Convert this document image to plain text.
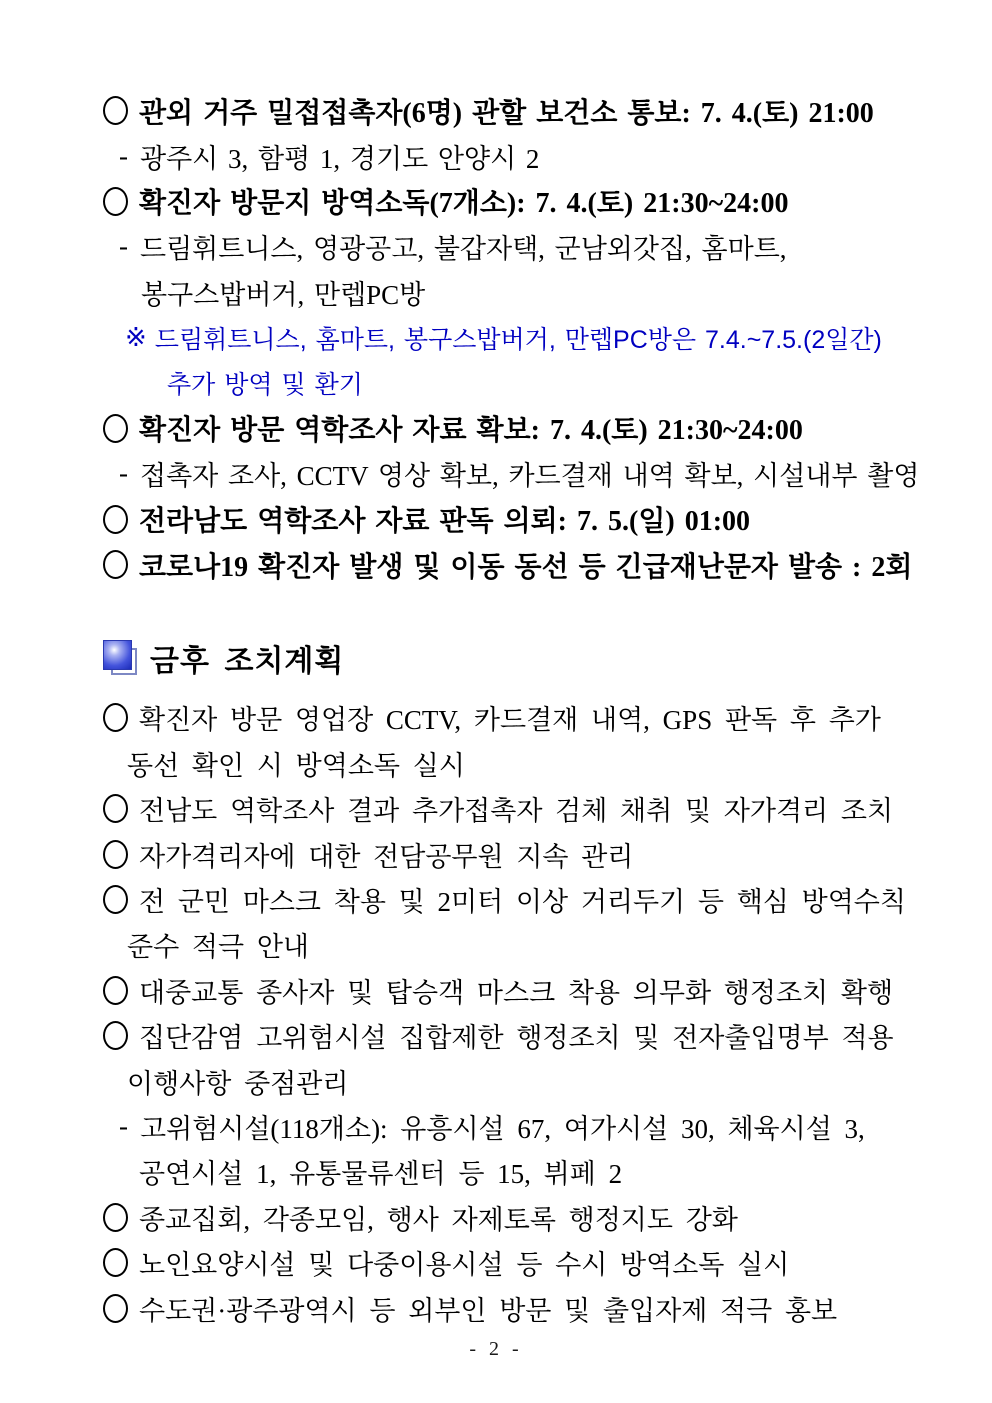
관외 거주 밀접접촉자(6명) 관할 보건소 통보: 7. 4.(토) 21:00
- 광주시 3, 함평 1, 경기도 안양시 2
확진자 방문지 방역소독(7개소): 7. 4.(토) 21:30~24:00
- 드림휘트니스, 영광공고, 불갑자택, 군남외갓집, 홈마트,
봉구스밥버거, 만렙PC방
※ 드림휘트니스, 홈마트, 봉구스밥버거, 만렙PC방은 7.4.~7.5.(2일간)
추가 방역 및 환기
확진자 방문 역학조사 자료 확보: 7. 4.(토) 21:30~24:00
- 접촉자 조사, CCTV 영상 확보, 카드결재 내역 확보, 시설내부 촬영
전라남도 역학조사 자료 판독 의뢰: 7. 5.(일) 01:00
코로나19 확진자 발생 및 이동 동선 등 긴급재난문자 발송 : 2회
금후 조치계획
확진자 방문 영업장 CCTV, 카드결재 내역, GPS 판독 후 추가
동선 확인 시 방역소독 실시
전남도 역학조사 결과 추가접촉자 검체 채취 및 자가격리 조치
자가격리자에 대한 전담공무원 지속 관리
전 군민 마스크 착용 및 2미터 이상 거리두기 등 핵심 방역수칙
준수 적극 안내
대중교통 종사자 및 탑승객 마스크 착용 의무화 행정조치 확행
집단감염 고위험시설 집합제한 행정조치 및 전자출입명부 적용
이행사항 중점관리
- 고위험시설(118개소): 유흥시설 67, 여가시설 30, 체육시설 3,
공연시설 1, 유통물류센터 등 15, 뷔페 2
종교집회, 각종모임, 행사 자제토록 행정지도 강화
노인요양시설 및 다중이용시설 등 수시 방역소독 실시
수도권·광주광역시 등 외부인 방문 및 출입자제 적극 홍보
- 2 -
